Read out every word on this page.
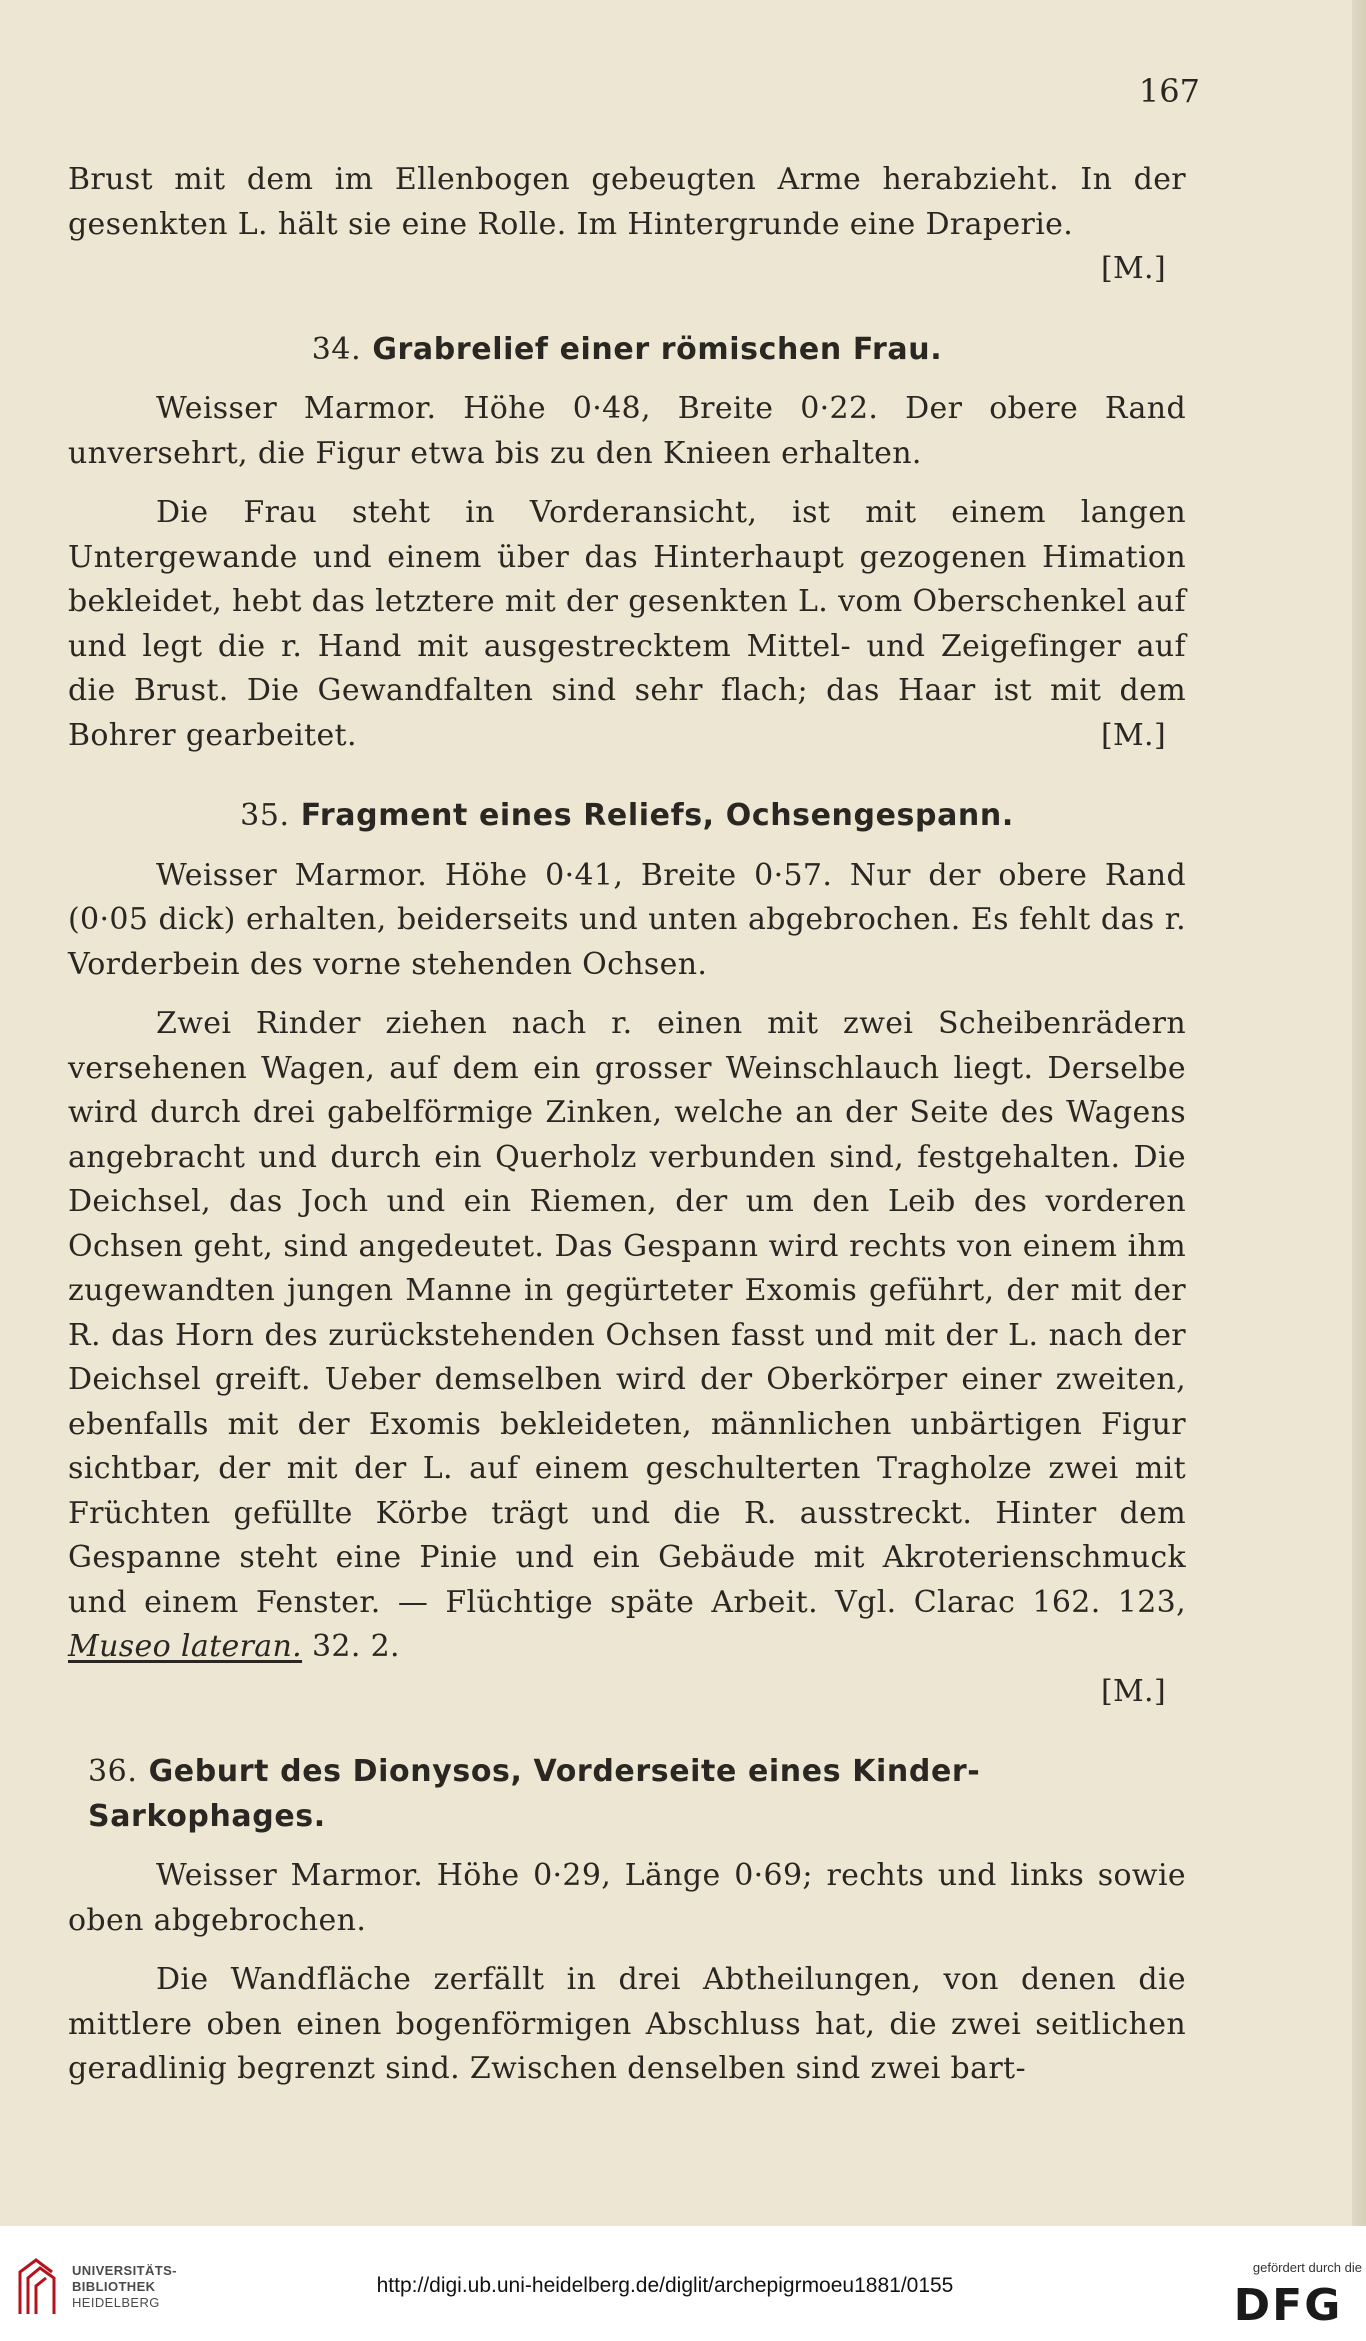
167

Brust mit dem im Ellenbogen gebeugten Arme herabzieht. In der gesenkten L. hält sie eine Rolle. Im Hintergrunde eine Draperie.
[M.]

34. Grabrelief einer römischen Frau.

Weisser Marmor. Höhe 0·48, Breite 0·22. Der obere Rand unversehrt, die Figur etwa bis zu den Knieen erhalten.

Die Frau steht in Vorderansicht, ist mit einem langen Untergewande und einem über das Hinterhaupt gezogenen Himation bekleidet, hebt das letztere mit der gesenkten L. vom Oberschenkel auf und legt die r. Hand mit ausgestrecktem Mittel- und Zeigefinger auf die Brust. Die Gewandfalten sind sehr flach; das Haar ist mit dem Bohrer gearbeitet.	[M.]

35. Fragment eines Reliefs, Ochsengespann.

Weisser Marmor. Höhe 0·41, Breite 0·57. Nur der obere Rand (0·05 dick) erhalten, beiderseits und unten abgebrochen. Es fehlt das r. Vorderbein des vorne stehenden Ochsen.

Zwei Rinder ziehen nach r. einen mit zwei Scheibenrädern versehenen Wagen, auf dem ein grosser Weinschlauch liegt. Derselbe wird durch drei gabelförmige Zinken, welche an der Seite des Wagens angebracht und durch ein Querholz verbunden sind, festgehalten. Die Deichsel, das Joch und ein Riemen, der um den Leib des vorderen Ochsen geht, sind angedeutet. Das Gespann wird rechts von einem ihm zugewandten jungen Manne in gegürteter Exomis geführt, der mit der R. das Horn des zurückstehenden Ochsen fasst und mit der L. nach der Deichsel greift. Ueber demselben wird der Oberkörper einer zweiten, ebenfalls mit der Exomis bekleideten, männlichen unbärtigen Figur sichtbar, der mit der L. auf einem geschulterten Tragholze zwei mit Früchten gefüllte Körbe trägt und die R. ausstreckt. Hinter dem Gespanne steht eine Pinie und ein Gebäude mit Akroterienschmuck und einem Fenster. — Flüchtige späte Arbeit. Vgl. Clarac 162. 123, Museo lateran. 32. 2.
[M.]

36. Geburt des Dionysos, Vorderseite eines Kinder-Sarkophages.

Weisser Marmor. Höhe 0·29, Länge 0·69; rechts und links sowie oben abgebrochen.

Die Wandfläche zerfällt in drei Abtheilungen, von denen die mittlere oben einen bogenförmigen Abschluss hat, die zwei seitlichen geradlinig begrenzt sind. Zwischen denselben sind zwei bart-

UNIVERSITÄTS-
BIBLIOTHEK
HEIDELBERG
http://digi.ub.uni-heidelberg.de/diglit/archepigrmoeu1881/0155
gefördert durch die
DFG
